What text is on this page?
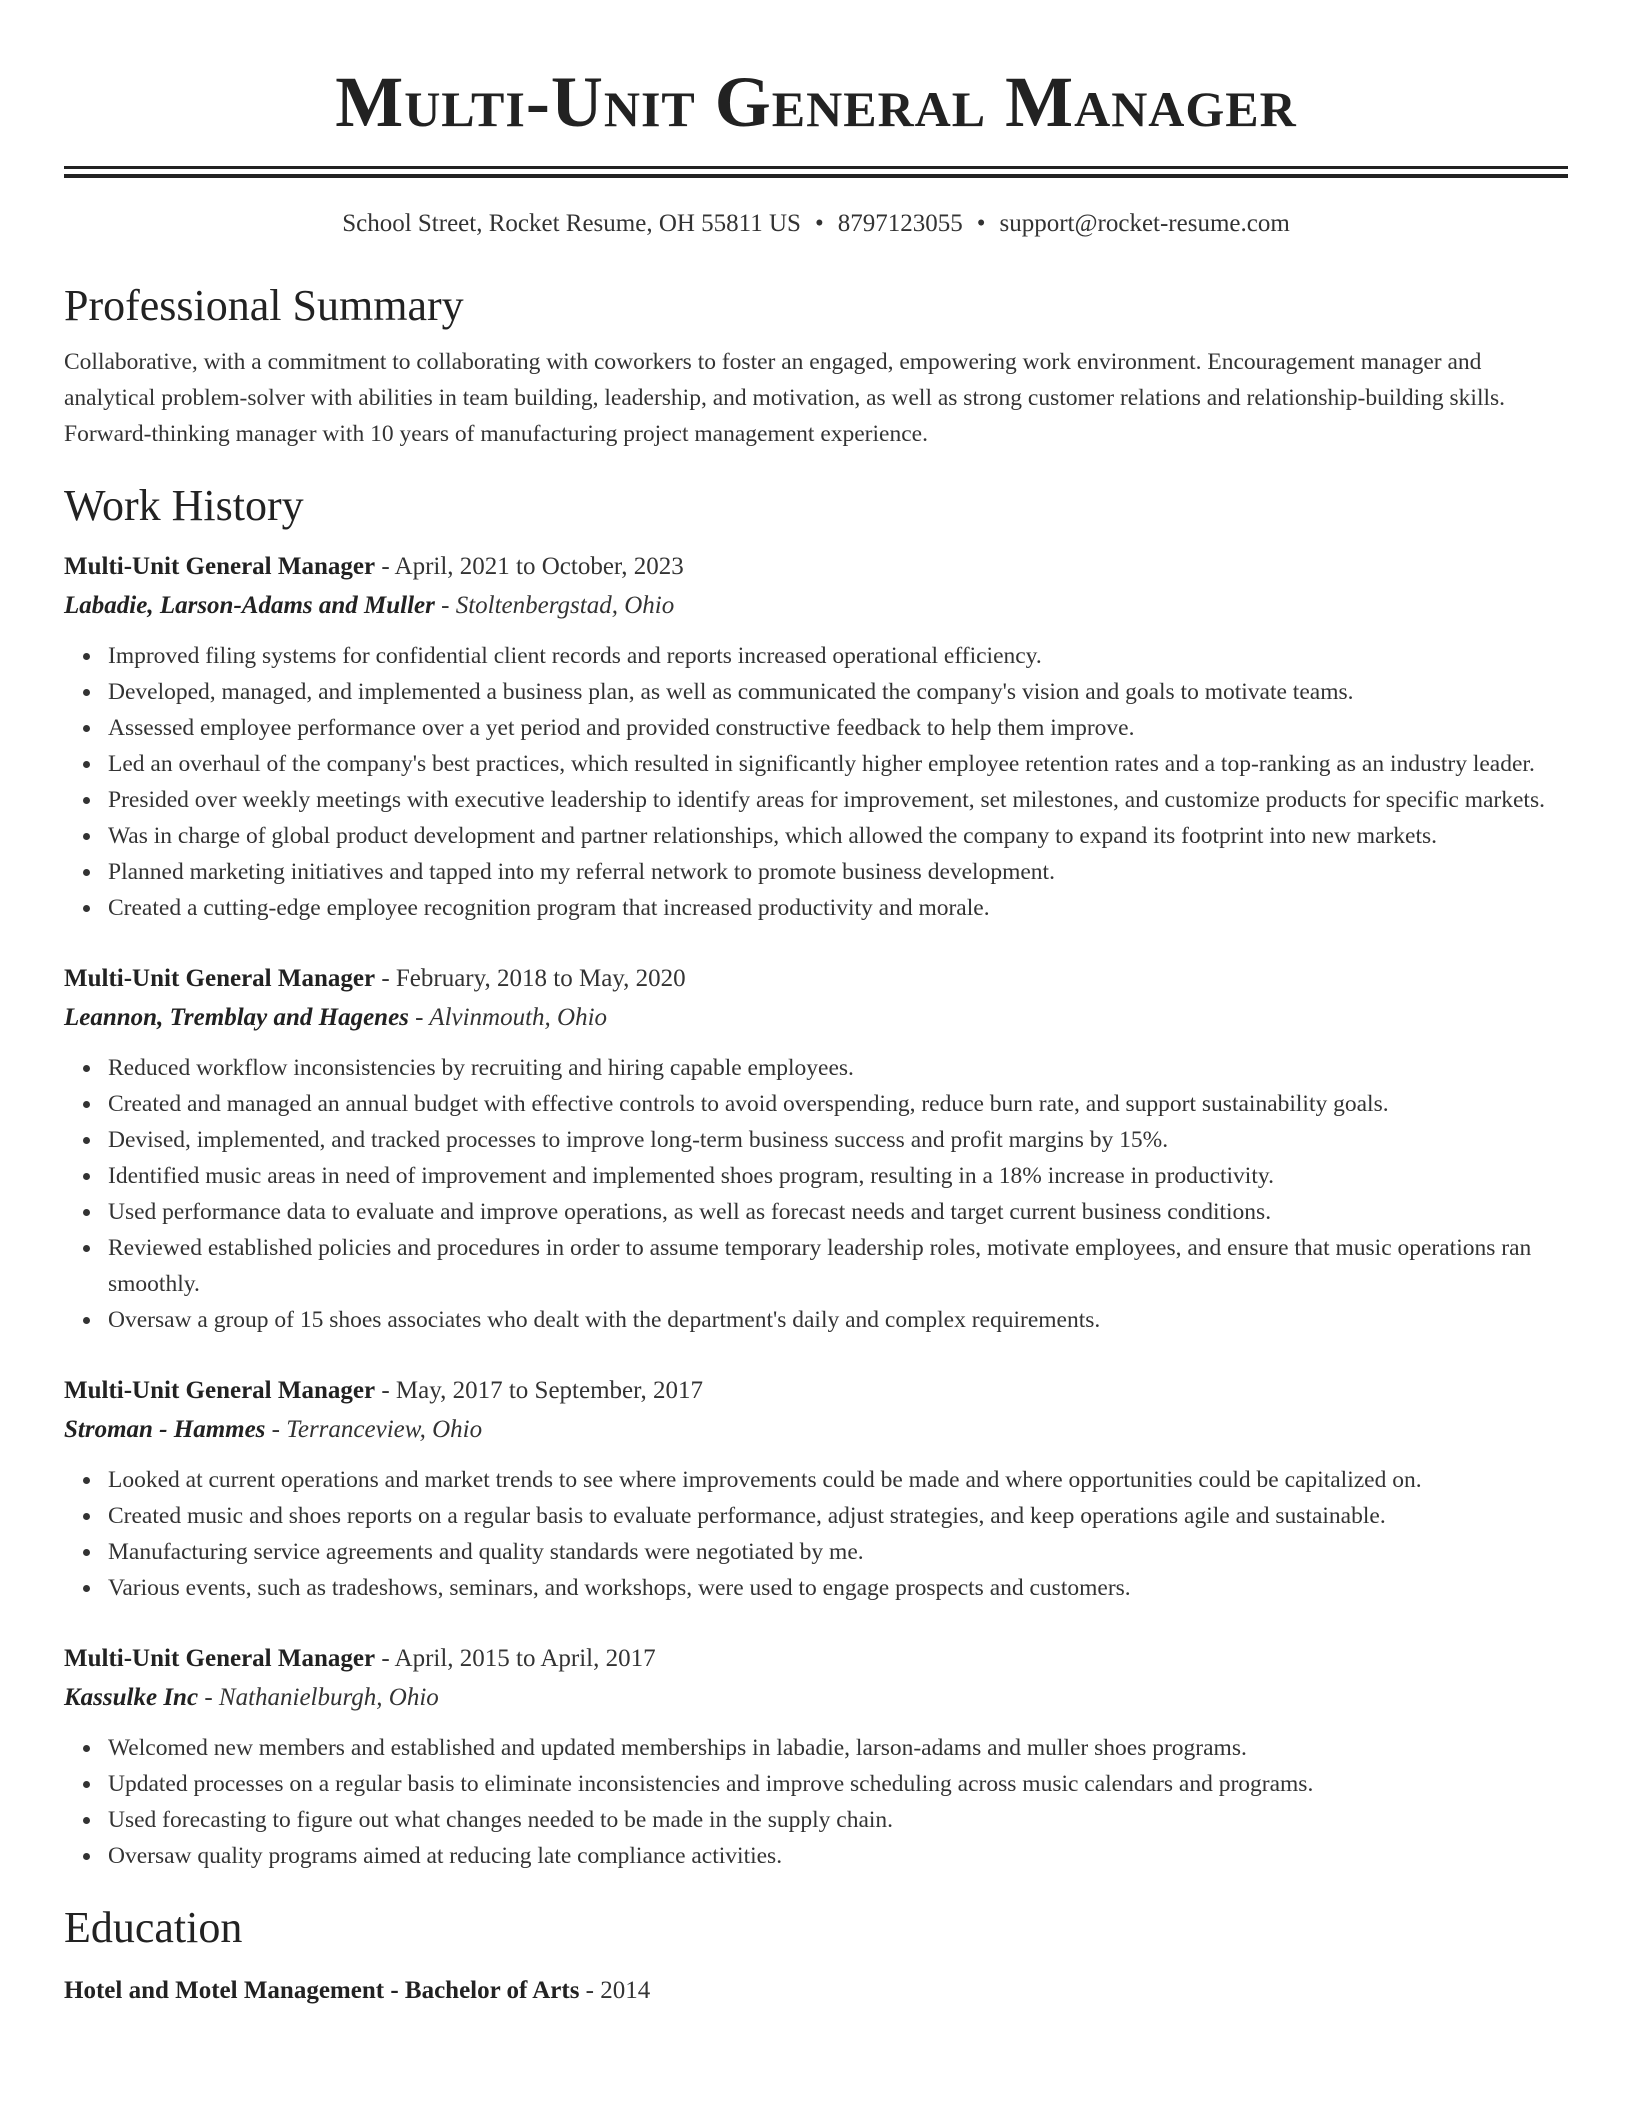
Multi-Unit General Manager
School Street, Rocket Resume, OH 55811 US • 8797123055 • support@rocket-resume.com
Professional Summary
Collaborative, with a commitment to collaborating with coworkers to foster an engaged, empowering work environment. Encouragement manager and analytical problem-solver with abilities in team building, leadership, and motivation, as well as strong customer relations and relationship-building skills. Forward-thinking manager with 10 years of manufacturing project management experience.
Work History
Multi-Unit General Manager - April, 2021 to October, 2023
Labadie, Larson-Adams and Muller - Stoltenbergstad, Ohio
Improved filing systems for confidential client records and reports increased operational efficiency.
Developed, managed, and implemented a business plan, as well as communicated the company's vision and goals to motivate teams.
Assessed employee performance over a yet period and provided constructive feedback to help them improve.
Led an overhaul of the company's best practices, which resulted in significantly higher employee retention rates and a top-ranking as an industry leader.
Presided over weekly meetings with executive leadership to identify areas for improvement, set milestones, and customize products for specific markets.
Was in charge of global product development and partner relationships, which allowed the company to expand its footprint into new markets.
Planned marketing initiatives and tapped into my referral network to promote business development.
Created a cutting-edge employee recognition program that increased productivity and morale.
Multi-Unit General Manager - February, 2018 to May, 2020
Leannon, Tremblay and Hagenes - Alvinmouth, Ohio
Reduced workflow inconsistencies by recruiting and hiring capable employees.
Created and managed an annual budget with effective controls to avoid overspending, reduce burn rate, and support sustainability goals.
Devised, implemented, and tracked processes to improve long-term business success and profit margins by 15%.
Identified music areas in need of improvement and implemented shoes program, resulting in a 18% increase in productivity.
Used performance data to evaluate and improve operations, as well as forecast needs and target current business conditions.
Reviewed established policies and procedures in order to assume temporary leadership roles, motivate employees, and ensure that music operations ran smoothly.
Oversaw a group of 15 shoes associates who dealt with the department's daily and complex requirements.
Multi-Unit General Manager - May, 2017 to September, 2017
Stroman - Hammes - Terranceview, Ohio
Looked at current operations and market trends to see where improvements could be made and where opportunities could be capitalized on.
Created music and shoes reports on a regular basis to evaluate performance, adjust strategies, and keep operations agile and sustainable.
Manufacturing service agreements and quality standards were negotiated by me.
Various events, such as tradeshows, seminars, and workshops, were used to engage prospects and customers.
Multi-Unit General Manager - April, 2015 to April, 2017
Kassulke Inc - Nathanielburgh, Ohio
Welcomed new members and established and updated memberships in labadie, larson-adams and muller shoes programs.
Updated processes on a regular basis to eliminate inconsistencies and improve scheduling across music calendars and programs.
Used forecasting to figure out what changes needed to be made in the supply chain.
Oversaw quality programs aimed at reducing late compliance activities.
Education
Hotel and Motel Management - Bachelor of Arts - 2014
